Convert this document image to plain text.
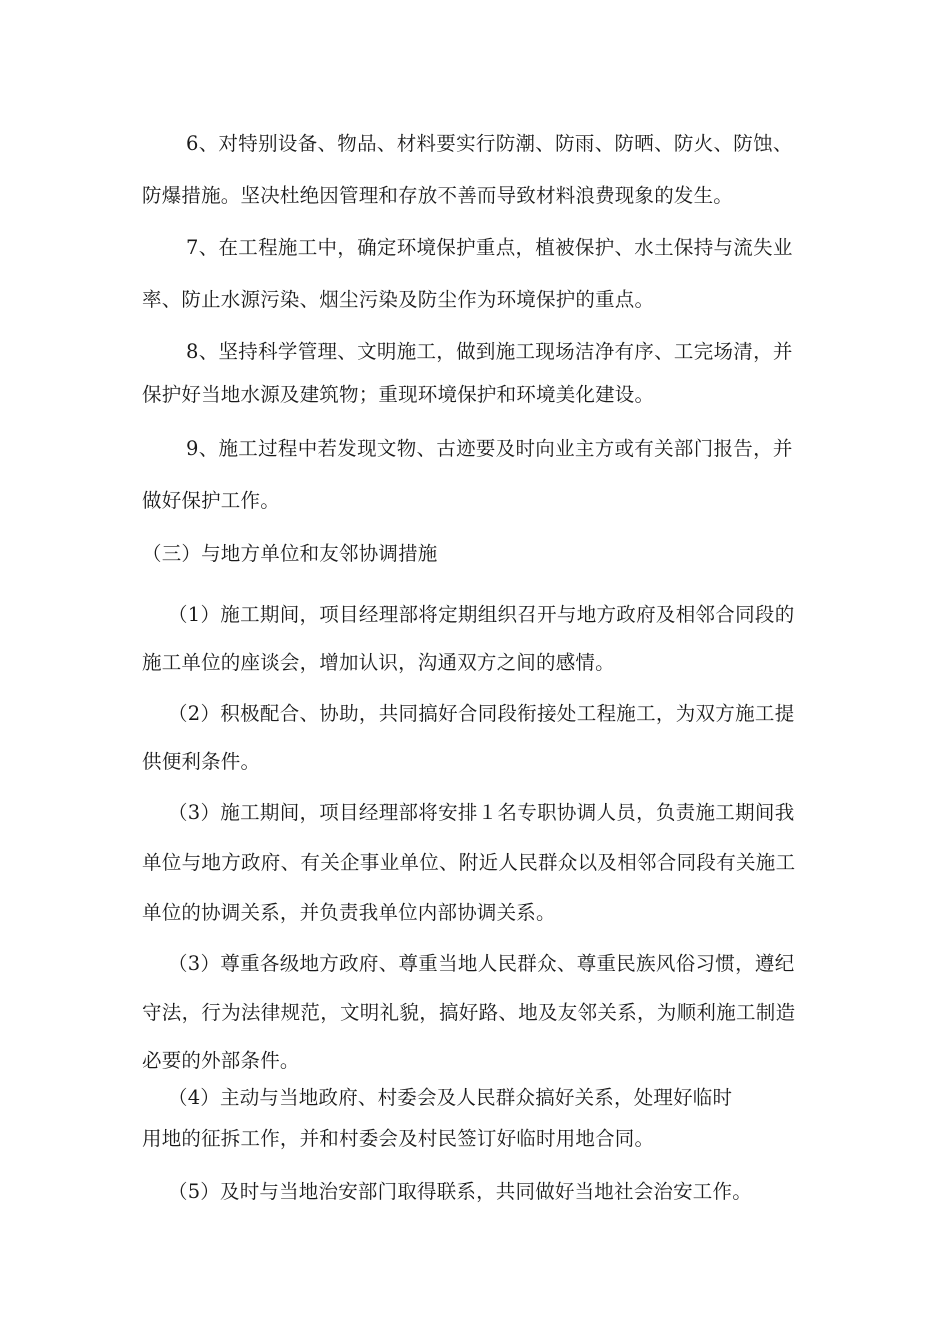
6、对特别设备、物品、材料要实行防潮、防雨、防晒、防火、防蚀、
防爆措施。坚决杜绝因管理和存放不善而导致材料浪费现象的发生。
7、在工程施工中，确定环境保护重点，植被保护、水土保持与流失业
率、防止水源污染、烟尘污染及防尘作为环境保护的重点。
8、坚持科学管理、文明施工，做到施工现场洁净有序、工完场清，并
保护好当地水源及建筑物；重现环境保护和环境美化建设。
9、施工过程中若发现文物、古迹要及时向业主方或有关部门报告，并
做好保护工作。
（三）与地方单位和友邻协调措施
（1）施工期间，项目经理部将定期组织召开与地方政府及相邻合同段的
施工单位的座谈会，增加认识，沟通双方之间的感情。
（2）积极配合、协助，共同搞好合同段衔接处工程施工，为双方施工提
供便利条件。
（3）施工期间，项目经理部将安排１名专职协调人员，负责施工期间我
单位与地方政府、有关企事业单位、附近人民群众以及相邻合同段有关施工
单位的协调关系，并负责我单位内部协调关系。
（3）尊重各级地方政府、尊重当地人民群众、尊重民族风俗习惯，遵纪
守法，行为法律规范，文明礼貌，搞好路、地及友邻关系，为顺利施工制造
必要的外部条件。
（4）主动与当地政府、村委会及人民群众搞好关系，处理好临时
用地的征拆工作，并和村委会及村民签订好临时用地合同。
（5）及时与当地治安部门取得联系，共同做好当地社会治安工作。
